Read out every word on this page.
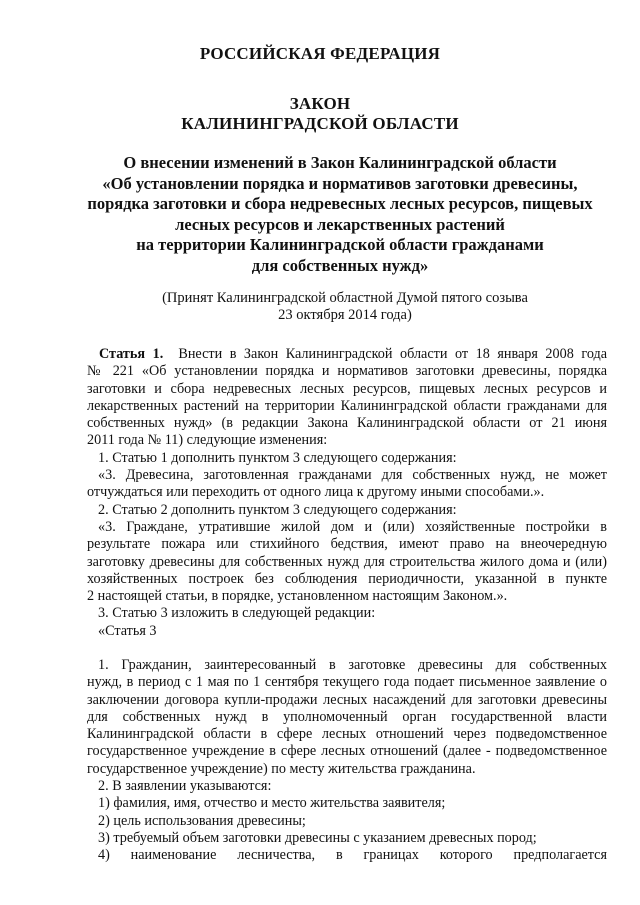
РОССИЙСКАЯ ФЕДЕРАЦИЯ
ЗАКОН
КАЛИНИНГРАДСКОЙ ОБЛАСТИ
О внесении изменений в Закон Калининградской области
«Об установлении порядка и нормативов заготовки древесины,
порядка заготовки и сбора недревесных лесных ресурсов, пищевых
лесных ресурсов и лекарственных растений
на территории Калининградской области гражданами
для собственных нужд»
(Принят Калининградской областной Думой пятого созыва
23 октября 2014 года)
Статья 1. Внести в Закон Калининградской области от 18 января 2008 года
№ 221 «Об установлении порядка и нормативов заготовки древесины, порядка
заготовки и сбора недревесных лесных ресурсов, пищевых лесных ресурсов и
лекарственных растений на территории Калининградской области гражданами для
собственных нужд» (в редакции Закона Калининградской области от 21 июня
2011 года № 11) следующие изменения:
1. Статью 1 дополнить пунктом 3 следующего содержания:
«3. Древесина, заготовленная гражданами для собственных нужд, не может
отчуждаться или переходить от одного лица к другому иными способами.».
2. Статью 2 дополнить пунктом 3 следующего содержания:
«3. Граждане, утратившие жилой дом и (или) хозяйственные постройки в
результате пожара или стихийного бедствия, имеют право на внеочередную
заготовку древесины для собственных нужд для строительства жилого дома и (или)
хозяйственных построек без соблюдения периодичности, указанной в пункте
2 настоящей статьи, в порядке, установленном настоящим Законом.».
3. Статью 3 изложить в следующей редакции:
«Статья 3
1. Гражданин, заинтересованный в заготовке древесины для собственных
нужд, в период с 1 мая по 1 сентября текущего года подает письменное заявление о
заключении договора купли-продажи лесных насаждений для заготовки древесины
для собственных нужд в уполномоченный орган государственной власти
Калининградской области в сфере лесных отношений через подведомственное
государственное учреждение в сфере лесных отношений (далее - подведомственное
государственное учреждение) по месту жительства гражданина.
2. В заявлении указываются:
1) фамилия, имя, отчество и место жительства заявителя;
2) цель использования древесины;
3) требуемый объем заготовки древесины с указанием древесных пород;
4) наименование лесничества, в границах которого предполагается
